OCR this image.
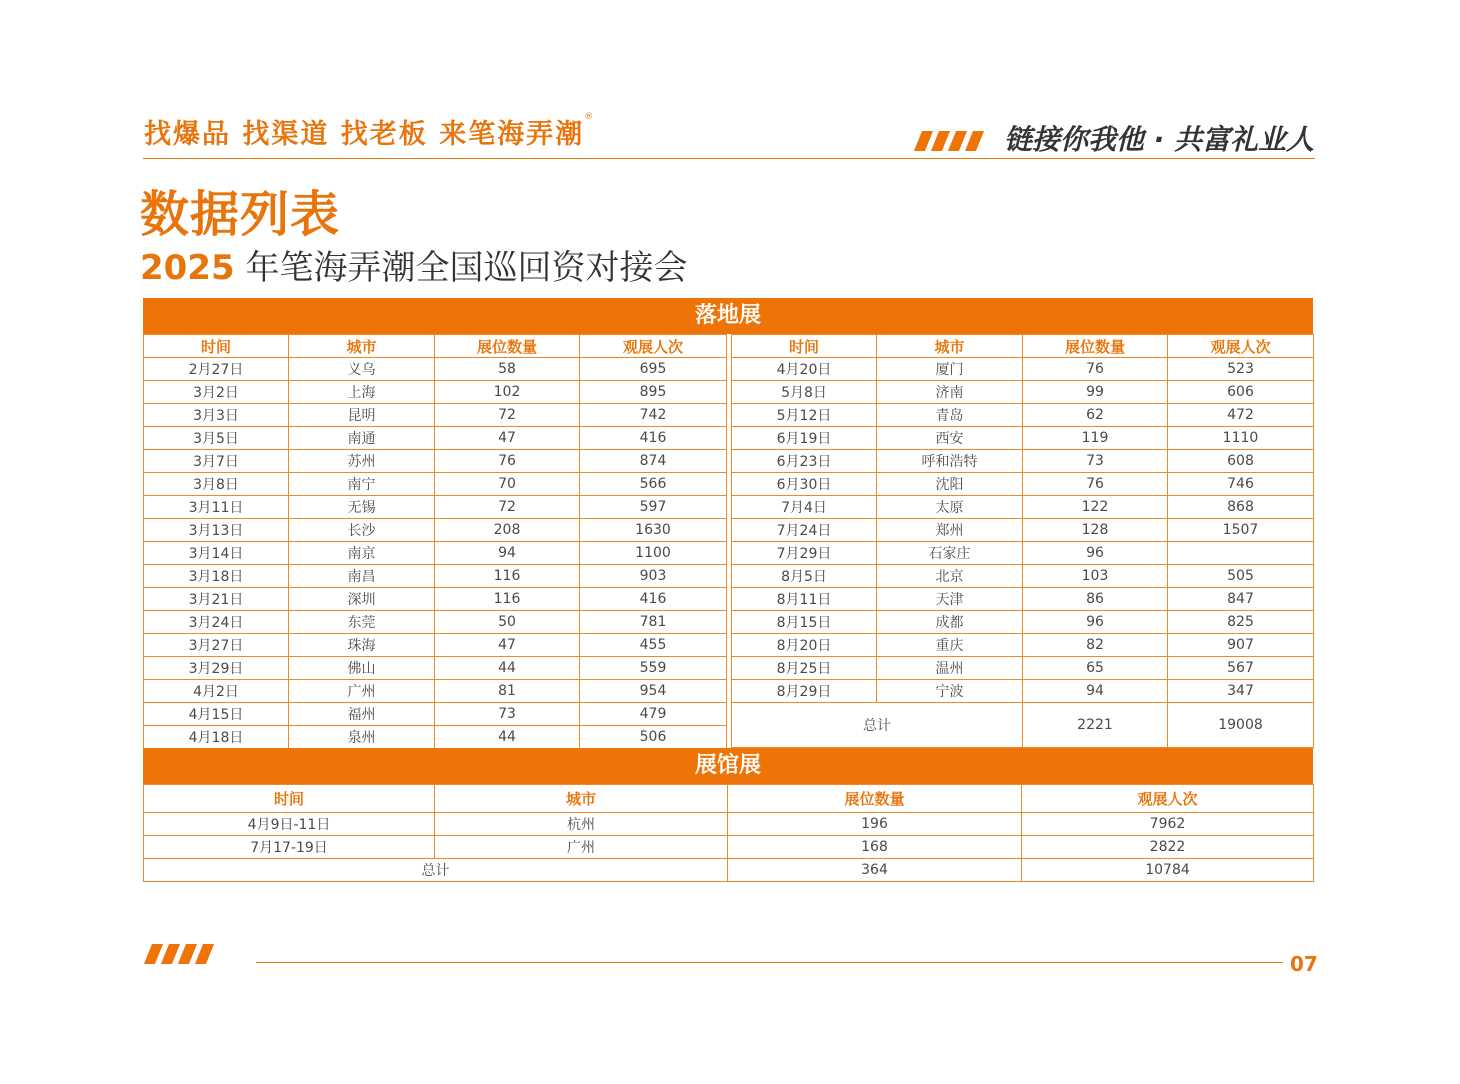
找爆品 找渠道 找老板 来笔海弄潮®
链接你我他 · 共富礼业人
数据列表
2025 年笔海弄潮全国巡回资对接会
落地展
时间	城市	展位数量	观展人次
2月27日	义乌	58	695
3月2日	上海	102	895
3月3日	昆明	72	742
3月5日	南通	47	416
3月7日	苏州	76	874
3月8日	南宁	70	566
3月11日	无锡	72	597
3月13日	长沙	208	1630
3月14日	南京	94	1100
3月18日	南昌	116	903
3月21日	深圳	116	416
3月24日	东莞	50	781
3月27日	珠海	47	455
3月29日	佛山	44	559
4月2日	广州	81	954
4月15日	福州	73	479
4月18日	泉州	44	506
时间	城市	展位数量	观展人次
4月20日	厦门	76	523
5月8日	济南	99	606
5月12日	青岛	62	472
6月19日	西安	119	1110
6月23日	呼和浩特	73	608
6月30日	沈阳	76	746
7月4日	太原	122	868
7月24日	郑州	128	1507
7月29日	石家庄	96	
8月5日	北京	103	505
8月11日	天津	86	847
8月15日	成都	96	825
8月20日	重庆	82	907
8月25日	温州	65	567
8月29日	宁波	94	347
总计		2221	19008
展馆展
时间	城市	展位数量	观展人次
4月9日-11日	杭州	196	7962
7月17-19日	广州	168	2822
总计		364	10784
07
